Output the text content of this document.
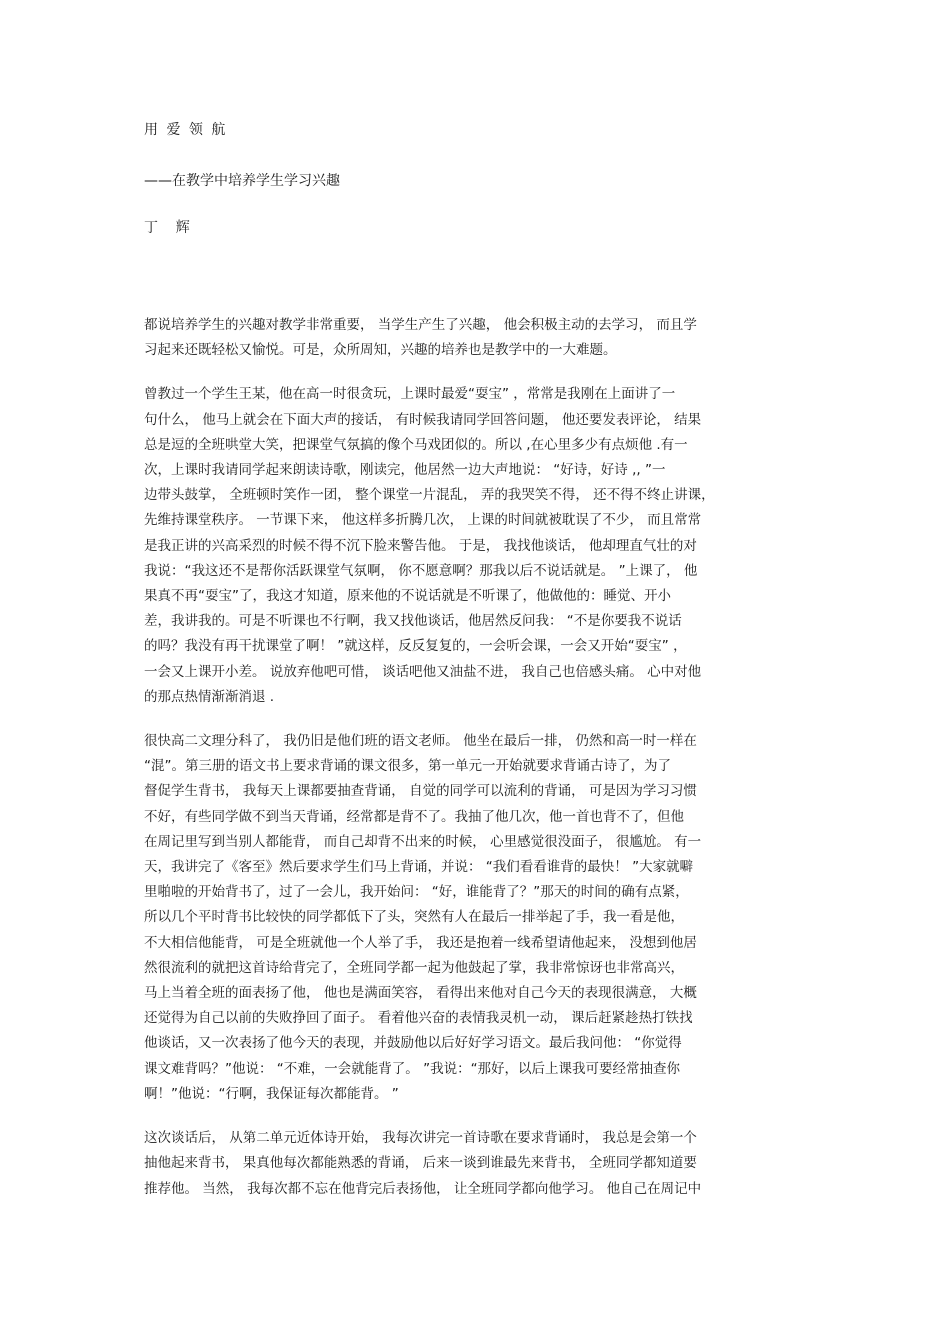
用 爱 领 航
——在教学中培养学生学习兴趣
丁    辉

都说培养学生的兴趣对教学非常重要， 当学生产生了兴趣， 他会积极主动的去学习， 而且学
习起来还既轻松又愉悦。可是，众所周知，兴趣的培养也是教学中的一大难题。

曾教过一个学生王某，他在高一时很贪玩，上课时最爱“耍宝” ，常常是我刚在上面讲了一
句什么， 他马上就会在下面大声的接话， 有时候我请同学回答问题， 他还要发表评论， 结果
总是逗的全班哄堂大笑，把课堂气氛搞的像个马戏团似的。所以 ,在心里多少有点烦他 .有一
次，上课时我请同学起来朗读诗歌，刚读完，他居然一边大声地说： “好诗，好诗 ,, ”一
边带头鼓掌， 全班顿时笑作一团， 整个课堂一片混乱， 弄的我哭笑不得， 还不得不终止讲课，
先维持课堂秩序。 一节课下来， 他这样多折腾几次， 上课的时间就被耽误了不少， 而且常常
是我正讲的兴高采烈的时候不得不沉下脸来警告他。 于是， 我找他谈话， 他却理直气壮的对
我说：“我这还不是帮你活跃课堂气氛啊， 你不愿意啊？那我以后不说话就是。 ”上课了， 他
果真不再“耍宝”了，我这才知道，原来他的不说话就是不听课了，他做他的：睡觉、开小
差，我讲我的。可是不听课也不行啊，我又找他谈话，他居然反问我： “不是你要我不说话
的吗？我没有再干扰课堂了啊！ ”就这样，反反复复的，一会听会课，一会又开始“耍宝” ，
一会又上课开小差。 说放弃他吧可惜， 谈话吧他又油盐不进， 我自己也倍感头痛。 心中对他
的那点热情渐渐消退 .

很快高二文理分科了， 我仍旧是他们班的语文老师。 他坐在最后一排， 仍然和高一时一样在
“混”。第三册的语文书上要求背诵的课文很多，第一单元一开始就要求背诵古诗了，为了
督促学生背书， 我每天上课都要抽查背诵， 自觉的同学可以流利的背诵， 可是因为学习习惯
不好，有些同学做不到当天背诵，经常都是背不了。我抽了他几次，他一首也背不了，但他
在周记里写到当别人都能背， 而自己却背不出来的时候， 心里感觉很没面子， 很尴尬。 有一
天，我讲完了《客至》然后要求学生们马上背诵，并说： “我们看看谁背的最快！ ”大家就噼
里啪啦的开始背书了，过了一会儿，我开始问： “好，谁能背了？”那天的时间的确有点紧，
所以几个平时背书比较快的同学都低下了头，突然有人在最后一排举起了手，我一看是他，
不大相信他能背， 可是全班就他一个人举了手， 我还是抱着一线希望请他起来， 没想到他居
然很流利的就把这首诗给背完了，全班同学都一起为他鼓起了掌，我非常惊讶也非常高兴，
马上当着全班的面表扬了他， 他也是满面笑容， 看得出来他对自己今天的表现很满意， 大概
还觉得为自己以前的失败挣回了面子。 看着他兴奋的表情我灵机一动， 课后赶紧趁热打铁找
他谈话，又一次表扬了他今天的表现，并鼓励他以后好好学习语文。最后我问他： “你觉得
课文难背吗？”他说： “不难，一会就能背了。 ”我说：“那好，以后上课我可要经常抽查你
啊！”他说：“行啊，我保证每次都能背。 ”

这次谈话后， 从第二单元近体诗开始， 我每次讲完一首诗歌在要求背诵时， 我总是会第一个
抽他起来背书， 果真他每次都能熟悉的背诵， 后来一谈到谁最先来背书， 全班同学都知道要
推荐他。 当然， 我每次都不忘在他背完后表扬他， 让全班同学都向他学习。 他自己在周记中
